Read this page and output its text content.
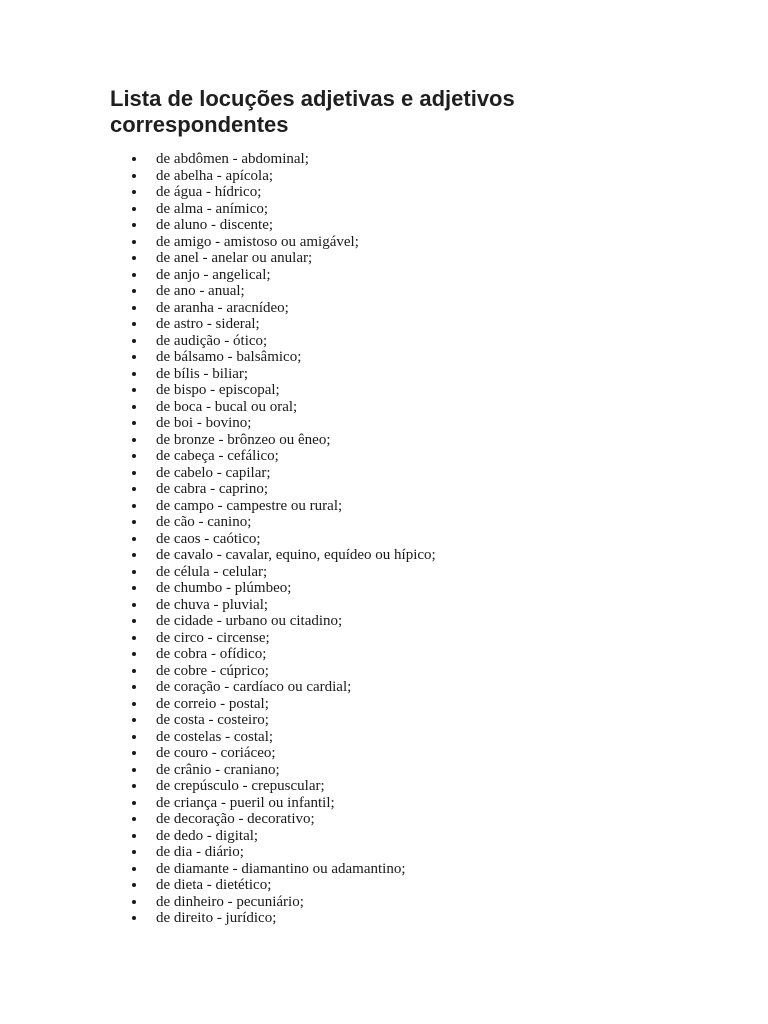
Lista de locuções adjetivas e adjetivos correspondentes
de abdômen - abdominal;
de abelha - apícola;
de água - hídrico;
de alma - anímico;
de aluno - discente;
de amigo - amistoso ou amigável;
de anel - anelar ou anular;
de anjo - angelical;
de ano - anual;
de aranha - aracnídeo;
de astro - sideral;
de audição - ótico;
de bálsamo - balsâmico;
de bílis - biliar;
de bispo - episcopal;
de boca - bucal ou oral;
de boi - bovino;
de bronze - brônzeo ou êneo;
de cabeça - cefálico;
de cabelo - capilar;
de cabra - caprino;
de campo - campestre ou rural;
de cão - canino;
de caos - caótico;
de cavalo - cavalar, equino, equídeo ou hípico;
de célula - celular;
de chumbo - plúmbeo;
de chuva - pluvial;
de cidade - urbano ou citadino;
de circo - circense;
de cobra - ofídico;
de cobre - cúprico;
de coração - cardíaco ou cardial;
de correio - postal;
de costa - costeiro;
de costelas - costal;
de couro - coriáceo;
de crânio - craniano;
de crepúsculo - crepuscular;
de criança - pueril ou infantil;
de decoração - decorativo;
de dedo - digital;
de dia - diário;
de diamante - diamantino ou adamantino;
de dieta - dietético;
de dinheiro - pecuniário;
de direito - jurídico;
